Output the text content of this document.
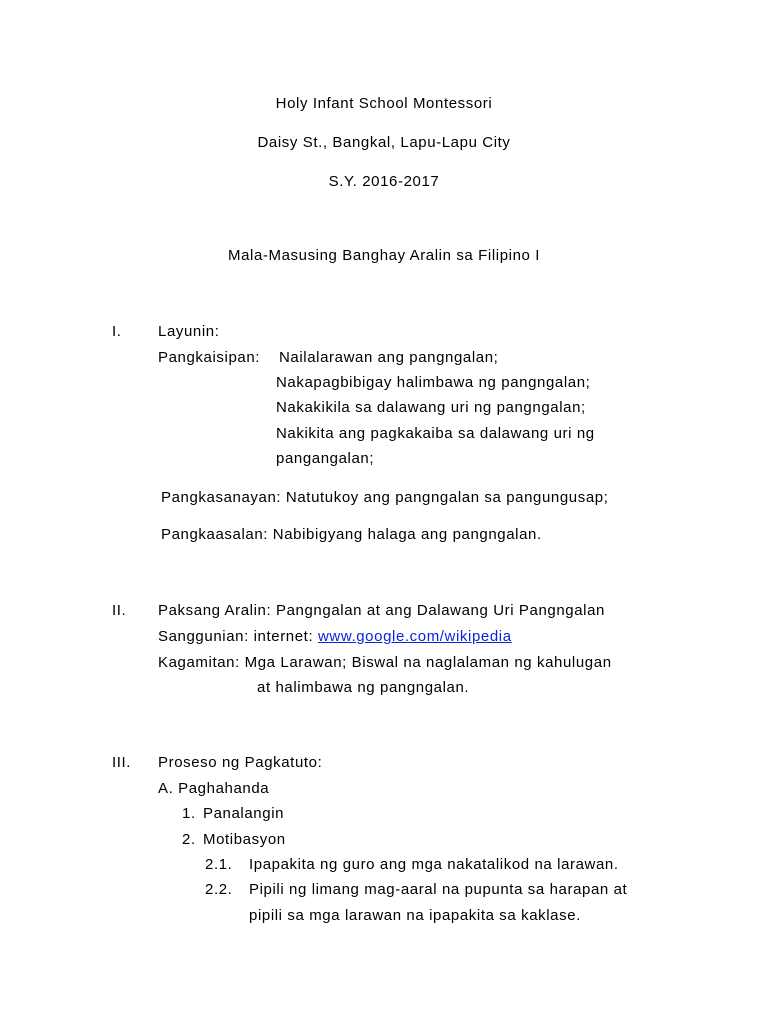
Holy Infant School Montessori
Daisy St., Bangkal, Lapu-Lapu City
S.Y. 2016-2017
Mala-Masusing Banghay Aralin sa Filipino I
I. Layunin:
Pangkaisipan: Nailalarawan ang pangngalan;
Nakapagbibigay halimbawa ng pangngalan;
Nakakikila sa dalawang uri ng pangngalan;
Nakikita ang pagkakaiba sa dalawang uri ng
pangangalan;
Pangkasanayan: Natutukoy ang pangngalan sa pangungusap;
Pangkaasalan: Nabibigyang halaga ang pangngalan.
II. Paksang Aralin: Pangngalan at ang Dalawang Uri Pangngalan
Sanggunian: internet: www.google.com/wikipedia
Kagamitan: Mga Larawan; Biswal na naglalaman ng kahulugan
at halimbawa ng pangngalan.
III. Proseso ng Pagkatuto:
A. Paghahanda
1. Panalangin
2. Motibasyon
2.1. Ipapakita ng guro ang mga nakatalikod na larawan.
2.2. Pipili ng limang mag-aaral na pupunta sa harapan at
pipili sa mga larawan na ipapakita sa kaklase.
